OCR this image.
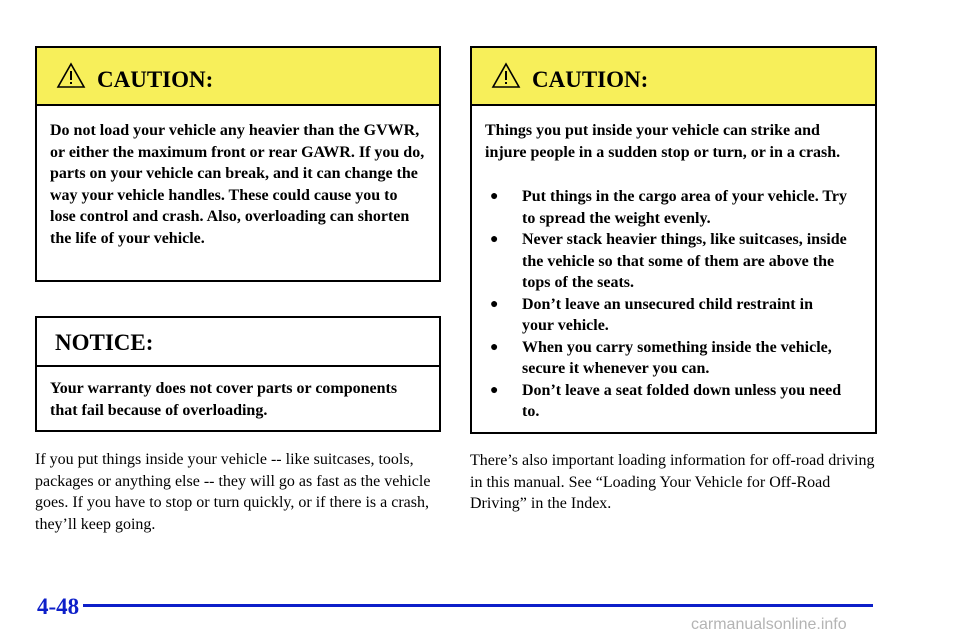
CAUTION:
Do not load your vehicle any heavier than the GVWR, or either the maximum front or rear GAWR. If you do, parts on your vehicle can break, and it can change the way your vehicle handles. These could cause you to lose control and crash. Also, overloading can shorten the life of your vehicle.
NOTICE:
Your warranty does not cover parts or components that fail because of overloading.
If you put things inside your vehicle -- like suitcases, tools, packages or anything else -- they will go as fast as the vehicle goes. If you have to stop or turn quickly, or if there is a crash, they’ll keep going.
CAUTION:
Things you put inside your vehicle can strike and injure people in a sudden stop or turn, or in a crash.
● Put things in the cargo area of your vehicle. Try to spread the weight evenly.
● Never stack heavier things, like suitcases, inside the vehicle so that some of them are above the tops of the seats.
● Don’t leave an unsecured child restraint in your vehicle.
● When you carry something inside the vehicle, secure it whenever you can.
● Don’t leave a seat folded down unless you need to.
There’s also important loading information for off-road driving in this manual. See “Loading Your Vehicle for Off-Road Driving” in the Index.
4-48
carmanualsonline.info
